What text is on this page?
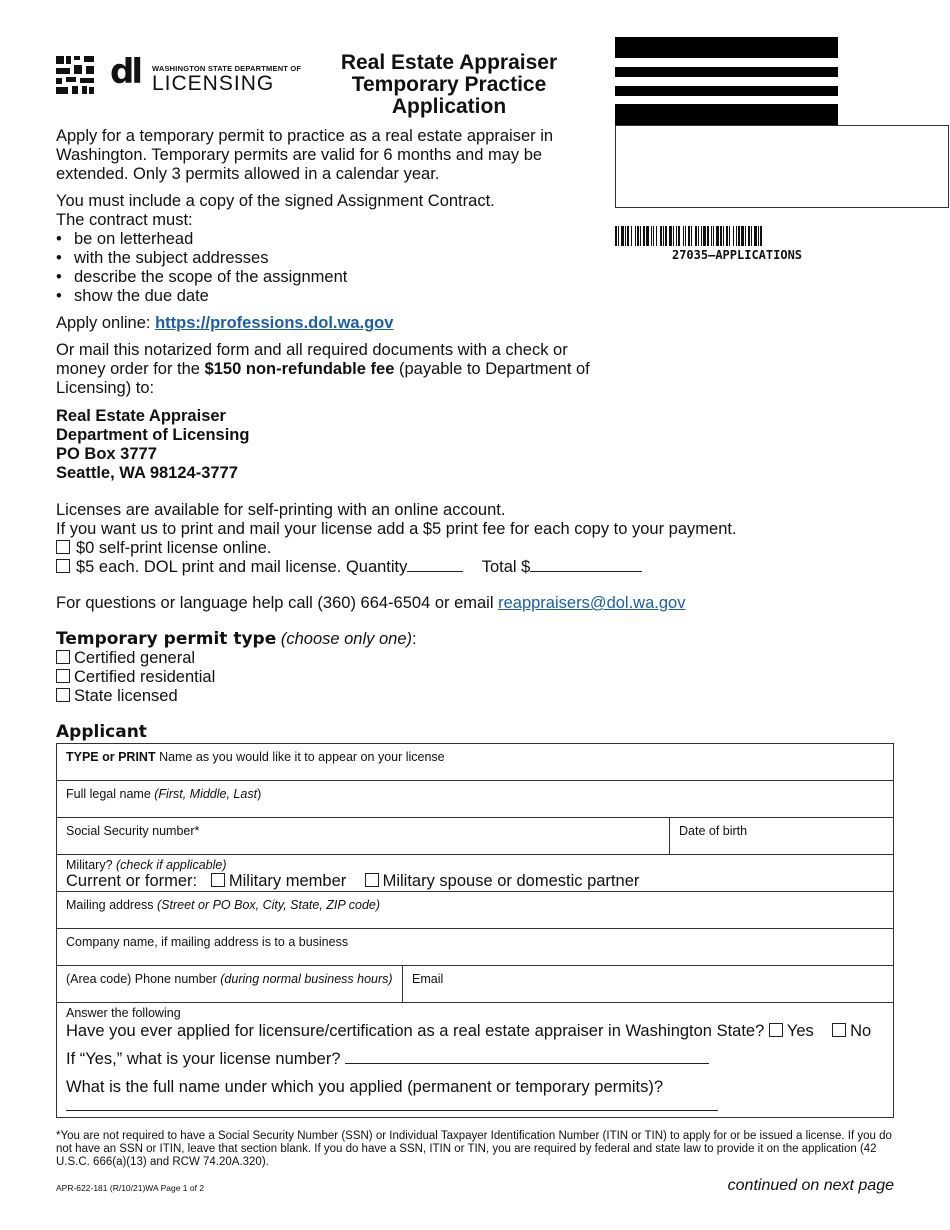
dl WASHINGTON STATE DEPARTMENT OF
LICENSING
Real Estate Appraiser
Temporary Practice
Application
27035–APPLICATIONS

Apply for a temporary permit to practice as a real estate appraiser in Washington. Temporary permits are valid for 6 months and may be extended. Only 3 permits allowed in a calendar year.

You must include a copy of the signed Assignment Contract.
The contract must:
• be on letterhead
• with the subject addresses
• describe the scope of the assignment
• show the due date
Apply online: https://professions.dol.wa.gov

Or mail this notarized form and all required documents with a check or money order for the $150 non-refundable fee (payable to Department of Licensing) to:

Real Estate Appraiser
Department of Licensing
PO Box 3777
Seattle, WA 98124-3777
Licenses are available for self-printing with an online account.
If you want us to print and mail your license add a $5 print fee for each copy to your payment.
$0 self-print license online.
$5 each. DOL print and mail license. Quantity	Total $
For questions or language help call (360) 664-6504 or email reappraisers@dol.wa.gov
Temporary permit type (choose only one):
Certified general
Certified residential
State licensed
Applicant
TYPE or PRINT Name as you would like it to appear on your license		
Full legal name (First, Middle, Last)		
Social Security number*		Date of birth

Military? (check if applicable)
Current or former: Military member Military spouse or domestic partner		

Mailing address (Street or PO Box, City, State, ZIP code)		
Company name, if mailing address is to a business		
(Area code) Phone number (during normal business hours)	Email	

Answer the following
Have you ever applied for licensure/certification as a real estate appraiser in Washington State? Yes No
If “Yes,” what is your license number?
What is the full name under which you applied (permanent or temporary permits)?		
*You are not required to have a Social Security Number (SSN) or Individual Taxpayer Identification Number (ITIN or TIN) to apply for or be issued a license. If you do not have an SSN or ITIN, leave that section blank. If you do have a SSN, ITIN or TIN, you are required by federal and state law to provide it on the application (42 U.S.C. 666(a)(13) and RCW 74.20A.320).
APR-622-181 (R/10/21)WA Page 1 of 2	continued on next page
